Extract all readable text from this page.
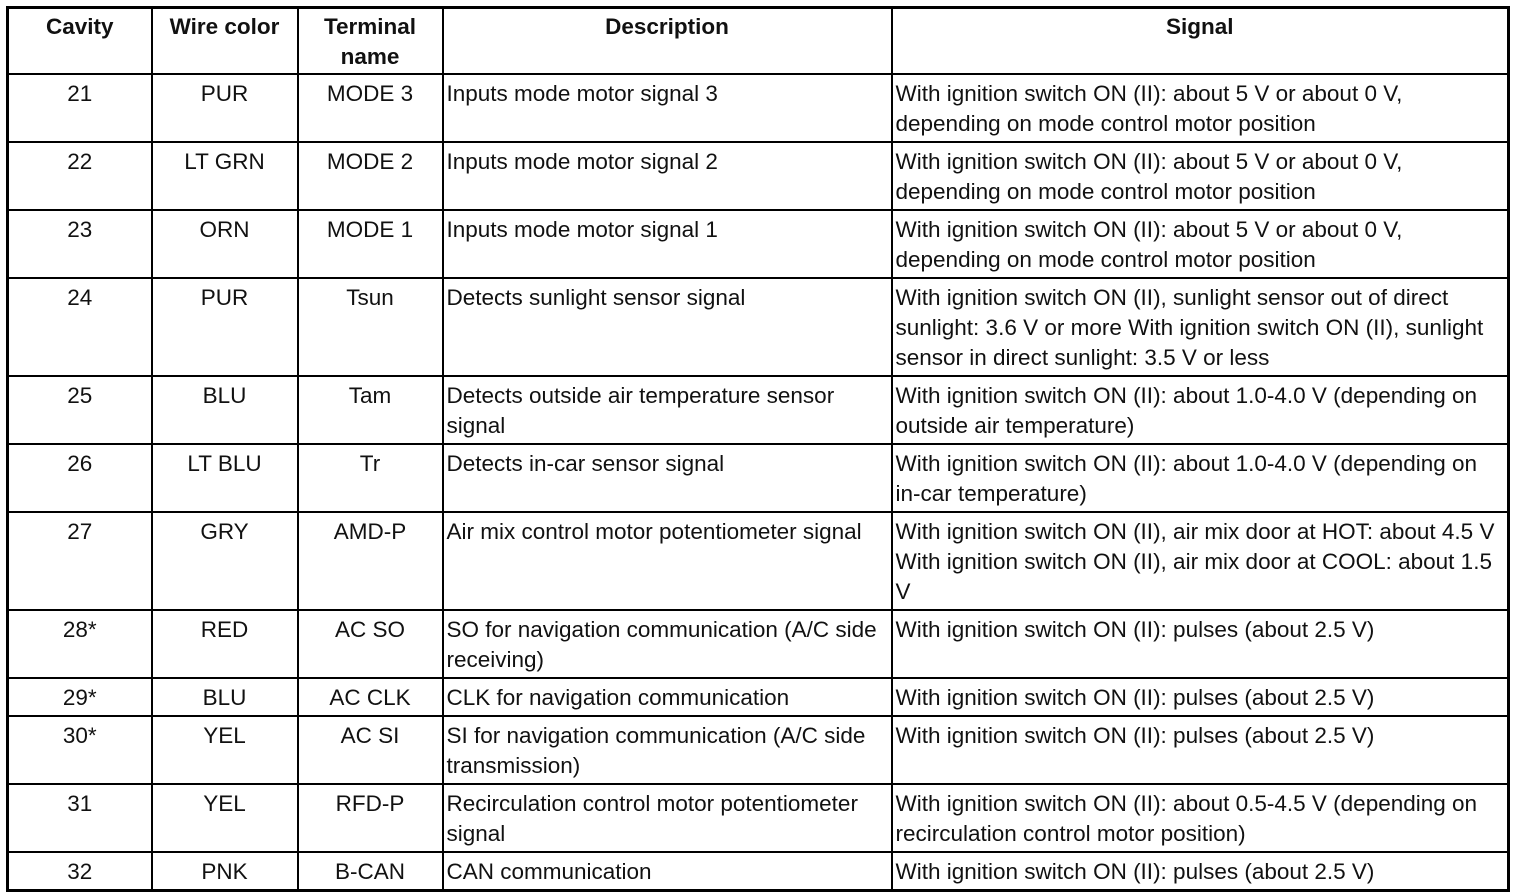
Cavity	Wire color	Terminal name	Description	Signal
21	PUR	MODE 3	Inputs mode motor signal 3	With ignition switch ON (II): about 5 V or about 0 V, depending on mode control motor position
22	LT GRN	MODE 2	Inputs mode motor signal 2	With ignition switch ON (II): about 5 V or about 0 V, depending on mode control motor position
23	ORN	MODE 1	Inputs mode motor signal 1	With ignition switch ON (II): about 5 V or about 0 V, depending on mode control motor position
24	PUR	Tsun	Detects sunlight sensor signal	With ignition switch ON (II), sunlight sensor out of direct sunlight: 3.6 V or more With ignition switch ON (II), sunlight sensor in direct sunlight: 3.5 V or less
25	BLU	Tam	Detects outside air temperature sensor signal	With ignition switch ON (II): about 1.0-4.0 V (depending on outside air temperature)
26	LT BLU	Tr	Detects in-car sensor signal	With ignition switch ON (II): about 1.0-4.0 V (depending on in-car temperature)
27	GRY	AMD-P	Air mix control motor potentiometer signal	With ignition switch ON (II), air mix door at HOT: about 4.5 V With ignition switch ON (II), air mix door at COOL: about 1.5 V
28*	RED	AC SO	SO for navigation communication (A/C side receiving)	With ignition switch ON (II): pulses (about 2.5 V)
29*	BLU	AC CLK	CLK for navigation communication	With ignition switch ON (II): pulses (about 2.5 V)
30*	YEL	AC SI	SI for navigation communication (A/C side transmission)	With ignition switch ON (II): pulses (about 2.5 V)
31	YEL	RFD-P	Recirculation control motor potentiometer signal	With ignition switch ON (II): about 0.5-4.5 V (depending on recirculation control motor position)
32	PNK	B-CAN	CAN communication	With ignition switch ON (II): pulses (about 2.5 V)
